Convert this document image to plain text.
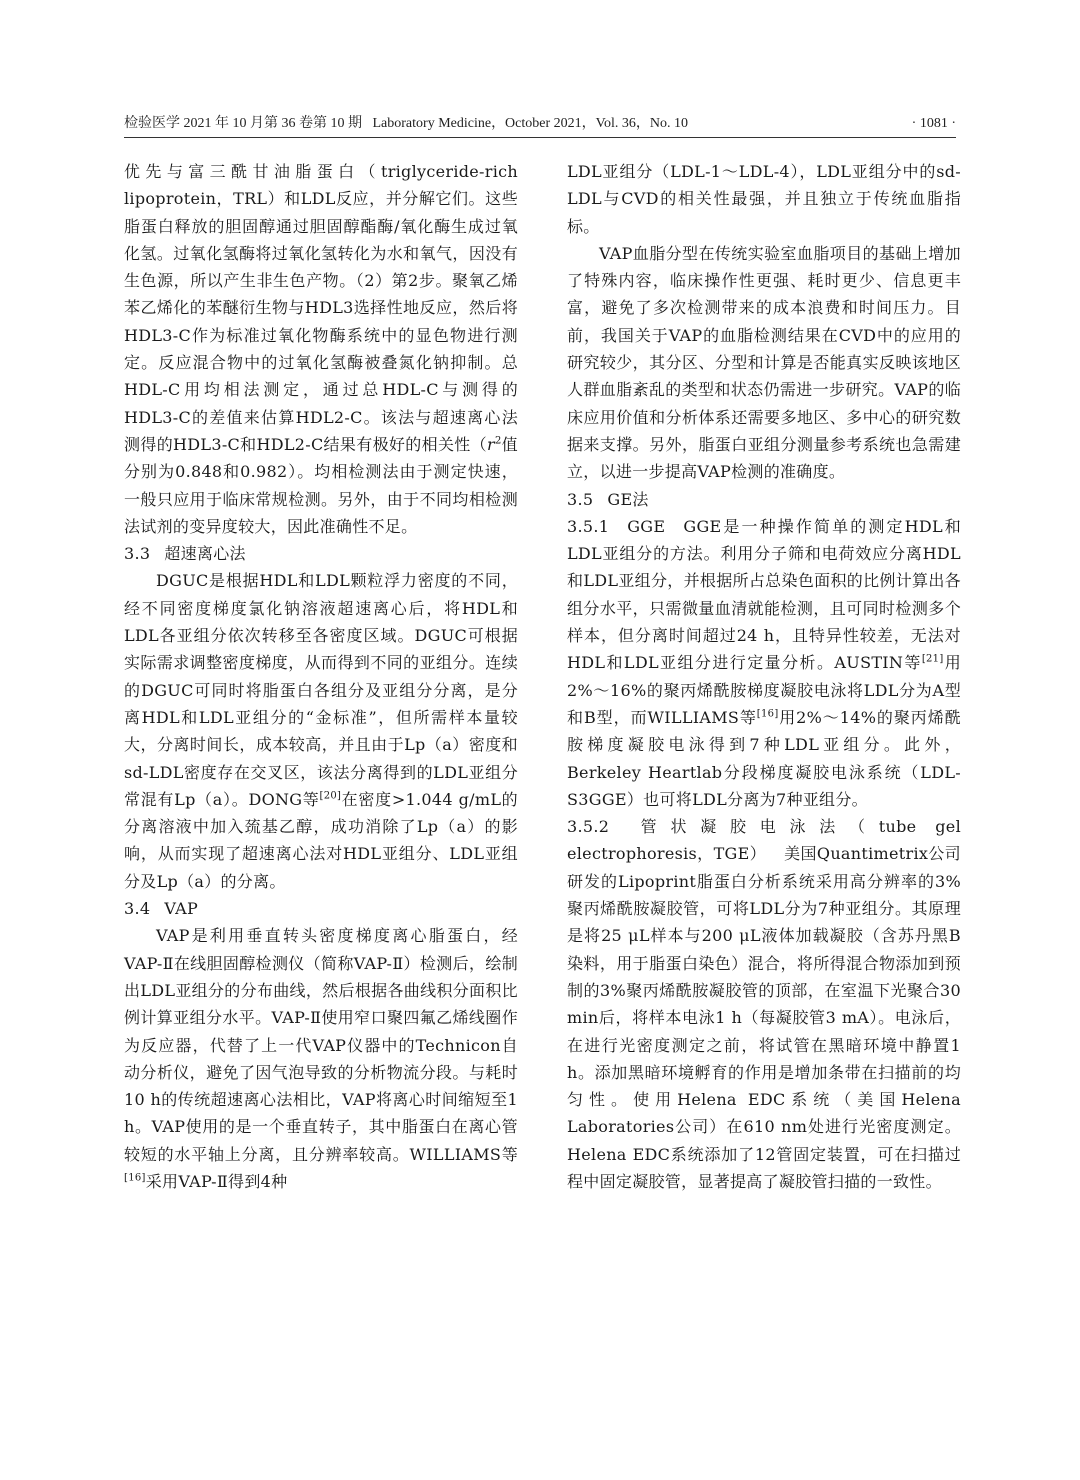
检验医学 2021 年 10 月第 36 卷第 10 期 Laboratory Medicine，October 2021，Vol. 36，No. 10	· 1081 ·

优先与富三酰甘油脂蛋白（triglyceride-rich lipoprotein，TRL）和LDL反应，并分解它们。这些脂蛋白释放的胆固醇通过胆固醇酯酶/氧化酶生成过氧化氢。过氧化氢酶将过氧化氢转化为水和氧气，因没有生色源，所以产生非生色产物。（2）第2步。聚氧乙烯苯乙烯化的苯醚衍生物与HDL3选择性地反应，然后将HDL3-C作为标准过氧化物酶系统中的显色物进行测定。反应混合物中的过氧化氢酶被叠氮化钠抑制。总HDL-C用均相法测定，通过总HDL-C与测得的HDL3-C的差值来估算HDL2-C。该法与超速离心法测得的HDL3-C和HDL2-C结果有极好的相关性（$r^2$值分别为0.848和0.982）。均相检测法由于测定快速，一般只应用于临床常规检测。另外，由于不同均相检测法试剂的变异度较大，因此准确性不足。

3.3 超速离心法

DGUC是根据HDL和LDL颗粒浮力密度的不同，经不同密度梯度氯化钠溶液超速离心后，将HDL和LDL各亚组分依次转移至各密度区域。DGUC可根据实际需求调整密度梯度，从而得到不同的亚组分。连续的DGUC可同时将脂蛋白各组分及亚组分分离，是分离HDL和LDL亚组分的“金标准”，但所需样本量较大，分离时间长，成本较高，并且由于Lp（a）密度和sd-LDL密度存在交叉区，该法分离得到的LDL亚组分常混有Lp（a）。DONG等[20]在密度>1.044 g/mL的分离溶液中加入巯基乙醇，成功消除了Lp（a）的影响，从而实现了超速离心法对HDL亚组分、LDL亚组分及Lp（a）的分离。

3.4 VAP

VAP是利用垂直转头密度梯度离心脂蛋白，经VAP-Ⅱ在线胆固醇检测仪（简称VAP-Ⅱ）检测后，绘制出LDL亚组分的分布曲线，然后根据各曲线积分面积比例计算亚组分水平。VAP-Ⅱ使用窄口聚四氟乙烯线圈作为反应器，代替了上一代VAP仪器中的Technicon自动分析仪，避免了因气泡导致的分析物流分段。与耗时10 h的传统超速离心法相比，VAP将离心时间缩短至1 h。VAP使用的是一个垂直转子，其中脂蛋白在离心管较短的水平轴上分离，且分辨率较高。WILLIAMS等[16]采用VAP-Ⅱ得到4种

LDL亚组分（LDL-1～LDL-4），LDL亚组分中的sd-LDL与CVD的相关性最强，并且独立于传统血脂指标。

VAP血脂分型在传统实验室血脂项目的基础上增加了特殊内容，临床操作性更强、耗时更少、信息更丰富，避免了多次检测带来的成本浪费和时间压力。目前，我国关于VAP的血脂检测结果在CVD中的应用的研究较少，其分区、分型和计算是否能真实反映该地区人群血脂紊乱的类型和状态仍需进一步研究。VAP的临床应用价值和分析体系还需要多地区、多中心的研究数据来支撑。另外，脂蛋白亚组分测量参考系统也急需建立，以进一步提高VAP检测的准确度。

3.5 GE法

3.5.1 GGE GGE是一种操作简单的测定HDL和LDL亚组分的方法。利用分子筛和电荷效应分离HDL和LDL亚组分，并根据所占总染色面积的比例计算出各组分水平，只需微量血清就能检测，且可同时检测多个样本，但分离时间超过24 h，且特异性较差，无法对HDL和LDL亚组分进行定量分析。AUSTIN等[21]用2%～16%的聚丙烯酰胺梯度凝胶电泳将LDL分为A型和B型，而WILLIAMS等[16]用2%～14%的聚丙烯酰胺梯度凝胶电泳得到7种LDL亚组分。此外，Berkeley Heartlab分段梯度凝胶电泳系统（LDL-S3GGE）也可将LDL分离为7种亚组分。

3.5.2 管状凝胶电泳法（tube gel electrophoresis，TGE） 美国Quantimetrix公司研发的Lipoprint脂蛋白分析系统采用高分辨率的3%聚丙烯酰胺凝胶管，可将LDL分为7种亚组分。其原理是将25 μL样本与200 μL液体加载凝胶（含苏丹黑B染料，用于脂蛋白染色）混合，将所得混合物添加到预制的3%聚丙烯酰胺凝胶管的顶部，在室温下光聚合30 min后，将样本电泳1 h（每凝胶管3 mA）。电泳后，在进行光密度测定之前，将试管在黑暗环境中静置1 h。添加黑暗环境孵育的作用是增加条带在扫描前的均匀性。使用Helena EDC系统（美国Helena Laboratories公司）在610 nm处进行光密度测定。Helena EDC系统添加了12管固定装置，可在扫描过程中固定凝胶管，显著提高了凝胶管扫描的一致性。
